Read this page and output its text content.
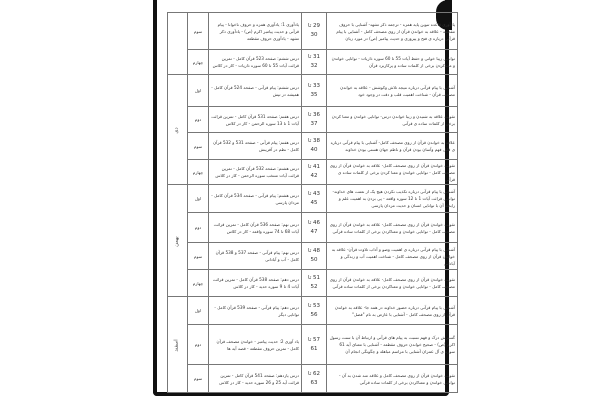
یادآوری قاعده تنوین پایه همزه - ترجمه ذکر تشهد- آشنایی با حروف مقطعه - علاقه به خواندن قرآن از روی مصحف کامل - آشنایی با پیام قرآنی درباره ی فتح و پیروزی و حدیث پیامبر (ص) در مورد زبان	29 تا 30	یادآوری 1: یادآوری همزه و حروف ناخوانا - پیام قرآنی و حدیث پیامبر اکرم (ص) - یادآوری ذکر تشهد - یادآوری حروف مقطعه	سوم	
توانایی زیبا خوانی و حفظ آیات 55 تا 60 سوره ذاریات - توانایی خواندن و معناکردن برخی از کلمات ساده و پرکاربرد قرآن	31 تا 32	درس ششم: صفحه 523 قرآن کامل - تمرین قرائت آیات 55 تا 60 سوره ذاریات - کار در کلاس	چهارم	
آشنایی با پیام قرآنی درباره نتیجه تلاش وکوشش - علاقه به خواندن مصحف قرآن - شناخت اهمیت قلب و دقت در وجود خود	33 تا 35	درس ششم: پیام قرآنی - صفحه 524 قرآن کامل - همیشه در تپش	اول	دی
تقویت علاقه به شنیدن و زیبا خواندن درس- توانایی خواندن و معنا کردن برخی از کلمات ساده ی قرآنی	36 تا 37	درس هفتم: صفحه 531 قرآن کامل - تمرین قرائت آیات 1 تا 13 سوره الرحمن - کار در کلاس	دوم	
علاقه به خواندن قرآن از روی مصحف کامل- آشنایی با پیام قرآنی درباره ی قابل فهم وآسان بودن قرآن و ناظم جهان هستی بودن خداوند	38 تا 40	درس هفتم: پیام قرآنی - صفحه 531 و 532 قرآن کامل - نظم در آفرینش	سوم	
تقویت خواندن قرآن از روی مصحف کامل- علاقه به خواندن قرآن از روی مصحف کامل - توانایی خواندن و معنا کردن برخی از کلمات ساده ی قرآنی	41 تا 42	درس هشتم: صفحه 532 قرآن کامل - تمرین قرائت آیات منتخب سوره الرحمن - کار در کلاس	چهارم	
آشنایی با پیام قرآنی درباره تکذیب نکردن هیچ یک از نعمت های خداوند- توانایی قرائت آیات 1 تا 12 سوره واقعه - پی بردن به اهمیت علم و رابطه آن با توانایی انسان و حدیث مردان پارسی	43 تا 45	درس هشتم: پیام قرآنی - صفحه 534 قرآن کامل - مردان پارسی	اول	بهمن
تقویت خواندن قرآن از روی مصحف کامل- علاقه به خواندن قرآن از روی مصحف کامل - توانایی خواندن و معناکردن برخی از کلمات ساده قرآنی	46 تا 47	درس نهم: صفحه 536 قرآن کامل - تمرین قرائت آیات 68 تا 74 سوره واقعه - کار در کلاس	دوم	
آشنایی با پیام قرآنی درباره ی اهمیت وضو و آداب تلاوت قرآن- علاقه به خواندن قرآن از روی مصحف کامل - شناخت اهمیت آب و زندگی و آبادانی	48 تا 50	درس نهم: پیام قرآنی - صفحه 537 و 538 قرآن کامل - آب و آبادانی	سوم	
تقویت خواندن قرآن از روی مصحف کامل- علاقه به خواندن قرآن از روی مصحف کامل - توانایی خواندن و معناکردن برخی از کلمات ساده قرآنی	51 تا 52	درس دهم: صفحه 538 قرآن کامل - تمرین قرائت آیات 4 تا 9 سوره حدید - کار در کلاس	چهارم	
آشنایی با پیام قرآنی درباره حضور خداوند در همه جا- علاقه به خواندن قرآن از روی مصحف کامل - آشنایی با عارض به نام "فضل"	53 تا 56	درس دهم: پیام قرآنی - صفحه 539 قرآن کامل - توانایی دیگر	اول	اسفند
گسترش درک و فهم نسبت به پیام های قرآنی و ارتباط آن با سنت رسول اکرم (ص) - صحیح خواندن حروف مقطعه - آشنایی با معنای آیه 61 سوره ی آل عمران آشنایی با مراسم مباهله و چگونگی انجام آن	57 تا 61	یاد آوری 2: حدیث پیامبر - خواندن مصحف قرآن کامل - تمرین حروف مقطعه - قصه آیه ها	دوم	
تقویت خواندن قرآن از روی مصحف کامل و علاقه مند شدن به آن - توانایی خواندن و معناکردن برخی از کلمات ساده قرآنی	62 تا 63	درس یازدهم: صفحه 541 قرآن کامل - تمرین قرائت آیه 25 و 26 سوره حدید - کار در کلاس	سوم	
